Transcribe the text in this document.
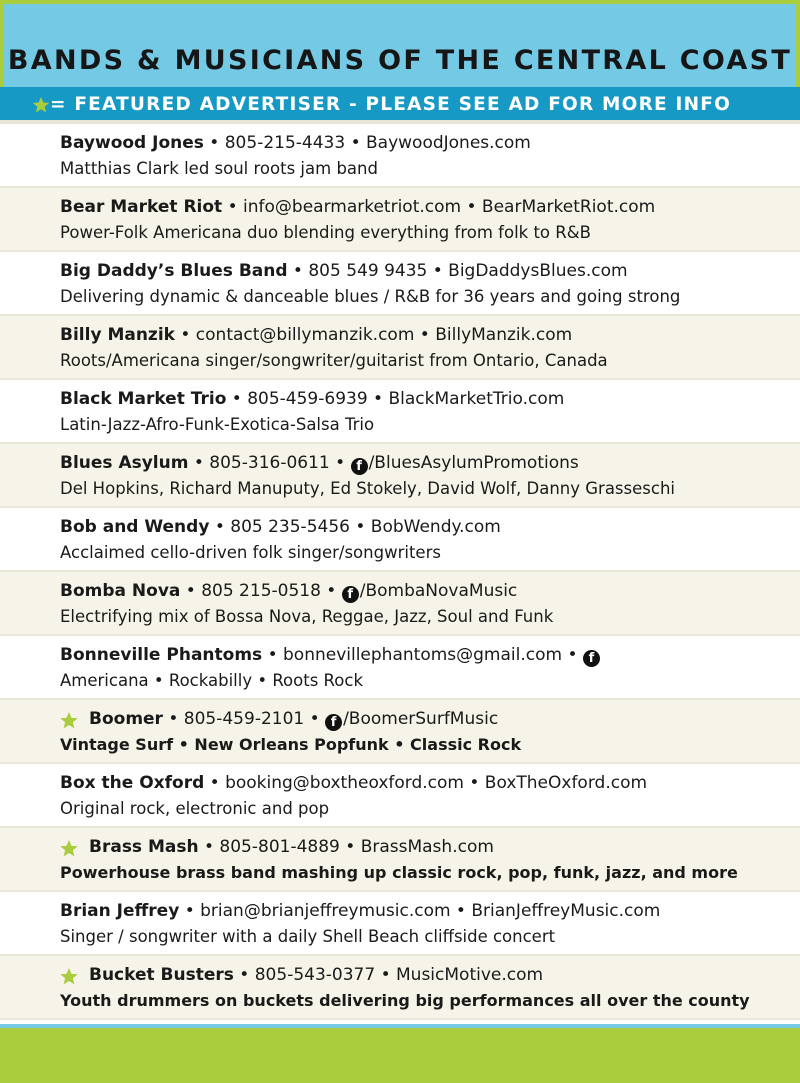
BANDS & MUSICIANS OF THE CENTRAL COAST
= FEATURED ADVERTISER - PLEASE SEE AD FOR MORE INFO
Baywood Jones • 805-215-4433 • BaywoodJones.com
Matthias Clark led soul roots jam band
Bear Market Riot • info@bearmarketriot.com • BearMarketRiot.com
Power-Folk Americana duo blending everything from folk to R&B
Big Daddy’s Blues Band • 805 549 9435 • BigDaddysBlues.com
Delivering dynamic & danceable blues / R&B for 36 years and going strong
Billy Manzik • contact@billymanzik.com • BillyManzik.com
Roots/Americana singer/songwriter/guitarist from Ontario, Canada
Black Market Trio • 805-459-6939 • BlackMarketTrio.com
Latin-Jazz-Afro-Funk-Exotica-Salsa Trio
Blues Asylum • 805-316-0611 • f /BluesAsylumPromotions
Del Hopkins, Richard Manuputy, Ed Stokely, David Wolf, Danny Grasseschi
Bob and Wendy • 805 235-5456 • BobWendy.com
Acclaimed cello-driven folk singer/songwriters
Bomba Nova • 805 215-0518 • f /BombaNovaMusic
Electrifying mix of Bossa Nova, Reggae, Jazz, Soul and Funk
Bonneville Phantoms • bonnevillephantoms@gmail.com • f
Americana • Rockabilly • Roots Rock
Boomer • 805-459-2101 • f /BoomerSurfMusic
Vintage Surf • New Orleans Popfunk • Classic Rock
Box the Oxford • booking@boxtheoxford.com • BoxTheOxford.com
Original rock, electronic and pop
Brass Mash • 805-801-4889 • BrassMash.com
Powerhouse brass band mashing up classic rock, pop, funk, jazz, and more
Brian Jeffrey • brian@brianjeffreymusic.com • BrianJeffreyMusic.com
Singer / songwriter with a daily Shell Beach cliffside concert
Bucket Busters • 805-543-0377 • MusicMotive.com
Youth drummers on buckets delivering big performances all over the county
